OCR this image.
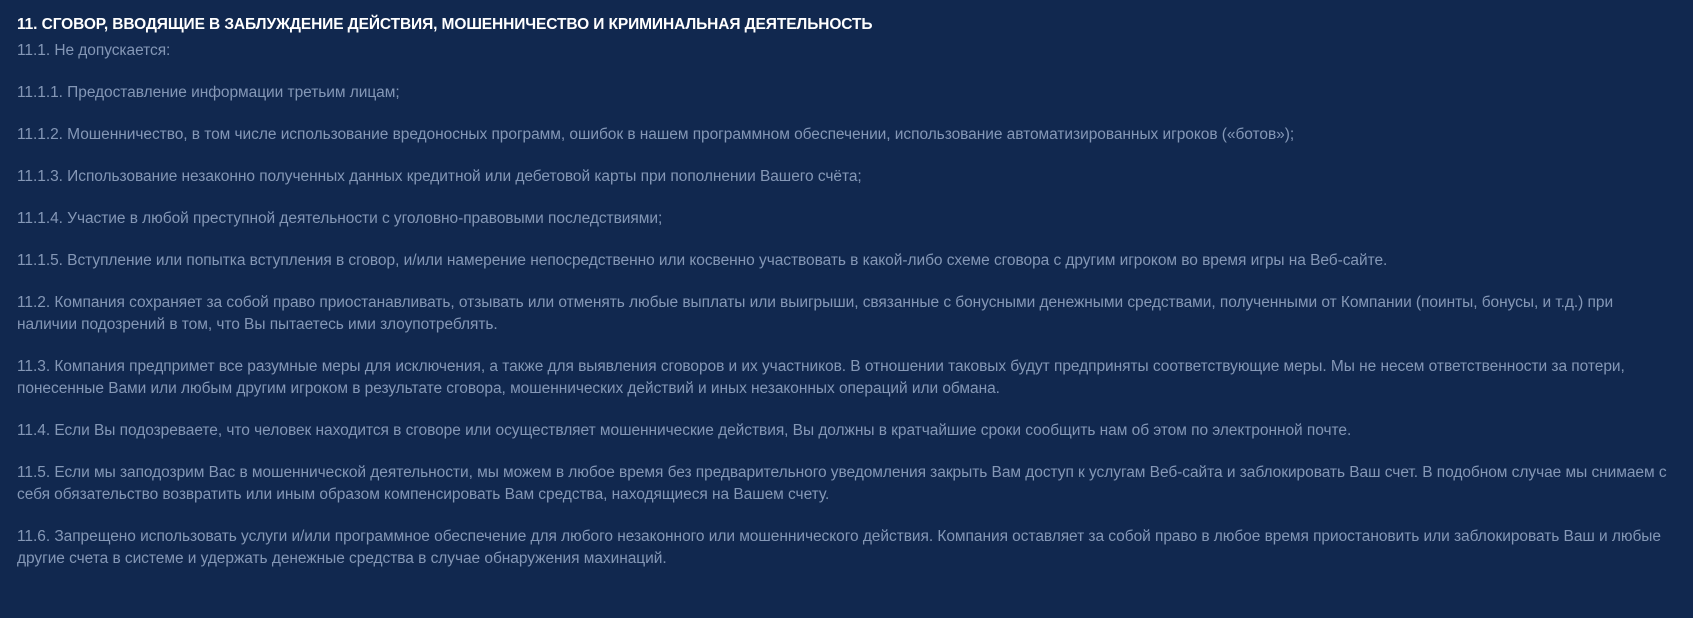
11. СГОВОР, ВВОДЯЩИЕ В ЗАБЛУЖДЕНИЕ ДЕЙСТВИЯ, МОШЕННИЧЕСТВО И КРИМИНАЛЬНАЯ ДЕЯТЕЛЬНОСТЬ

11.1. Не допускается:

11.1.1. Предоставление информации третьим лицам;

11.1.2. Мошенничество, в том числе использование вредоносных программ, ошибок в нашем программном обеспечении, использование автоматизированных игроков («ботов»);

11.1.3. Использование незаконно полученных данных кредитной или дебетовой карты при пополнении Вашего счёта;

11.1.4. Участие в любой преступной деятельности с уголовно-правовыми последствиями;

11.1.5. Вступление или попытка вступления в сговор, и/или намерение непосредственно или косвенно участвовать в какой-либо схеме сговора с другим игроком во время игры на Веб-сайте.

11.2. Компания сохраняет за собой право приостанавливать, отзывать или отменять любые выплаты или выигрыши, связанные с бонусными денежными средствами, полученными от Компании (поинты, бонусы, и т.д.) при наличии подозрений в том, что Вы пытаетесь ими злоупотреблять.

11.3. Компания предпримет все разумные меры для исключения, а также для выявления сговоров и их участников. В отношении таковых будут предприняты соответствующие меры. Мы не несем ответственности за потери, понесенные Вами или любым другим игроком в результате сговора, мошеннических действий и иных незаконных операций или обмана.

11.4. Если Вы подозреваете, что человек находится в сговоре или осуществляет мошеннические действия, Вы должны в кратчайшие сроки сообщить нам об этом по электронной почте.

11.5. Если мы заподозрим Вас в мошеннической деятельности, мы можем в любое время без предварительного уведомления закрыть Вам доступ к услугам Веб-сайта и заблокировать Ваш счет. В подобном случае мы снимаем с себя обязательство возвратить или иным образом компенсировать Вам средства, находящиеся на Вашем счету.

11.6. Запрещено использовать услуги и/или программное обеспечение для любого незаконного или мошеннического действия. Компания оставляет за собой право в любое время приостановить или заблокировать Ваш и любые другие счета в системе и удержать денежные средства в случае обнаружения махинаций.
